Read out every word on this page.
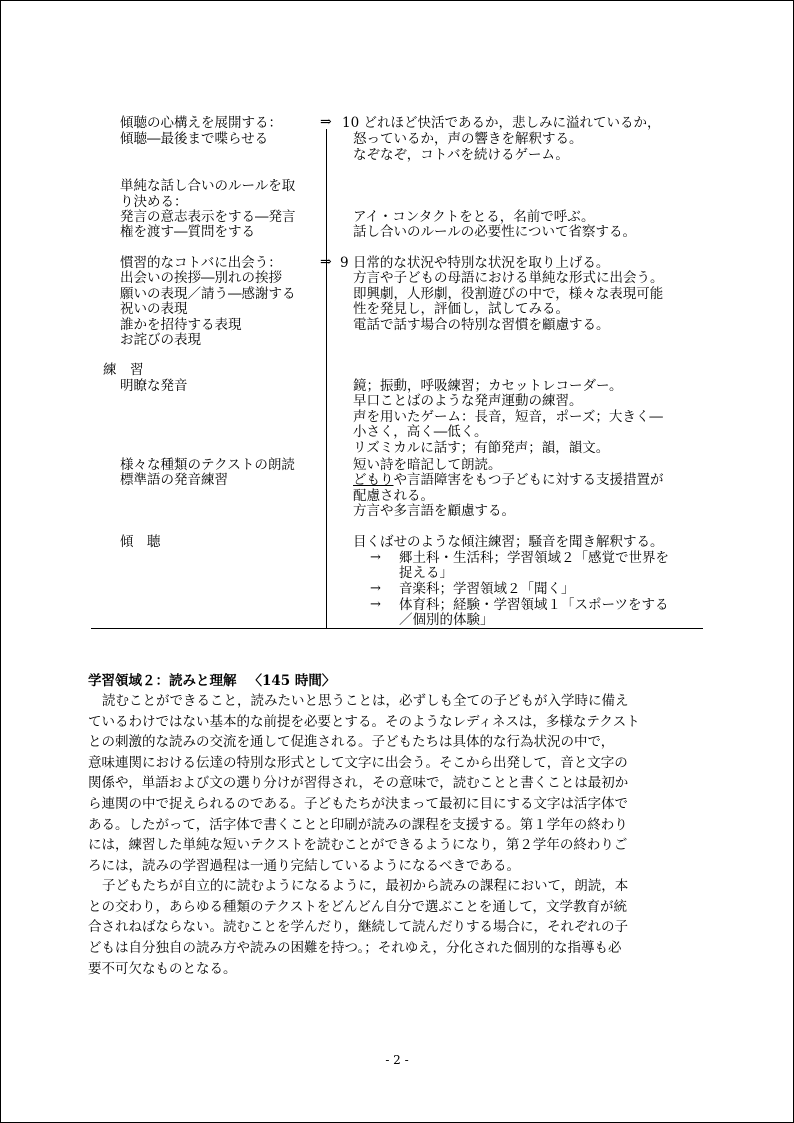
傾聴の心構えを展開する：
傾聴―最後まで喋らせる
⇒ 10 どれほど快活であるか，悲しみに溢れているか，
怒っているか，声の響きを解釈する。
なぞなぞ，コトバを続けるゲーム。
単純な話し合いのルールを取
り決める：
発言の意志表示をする―発言
権を渡す―質問をする
アイ・コンタクトをとる，名前で呼ぶ。
話し合いのルールの必要性について省察する。
慣習的なコトバに出会う：
出会いの挨拶―別れの挨拶
願いの表現／請う―感謝する
祝いの表現
誰かを招待する表現
お詫びの表現
⇒ 9 日常的な状況や特別な状況を取り上げる。
方言や子どもの母語における単純な形式に出会う。
即興劇，人形劇，役割遊びの中で，様々な表現可能
性を発見し，評価し，試してみる。
電話で話す場合の特別な習慣を顧慮する。
練　習
明瞭な発音	鏡；振動，呼吸練習；カセットレコーダー。
早口ことばのような発声運動の練習。
声を用いたゲーム：長音，短音，ポーズ；大きく―
小さく，高く―低く。
リズミカルに話す；有節発声；韻，韻文。
様々な種類のテクストの朗読
標準語の発音練習
短い詩を暗記して朗読。
どもりや言語障害をもつ子どもに対する支援措置が
配慮される。
方言や多言語を顧慮する。
傾　聴	目くばせのような傾注練習；騒音を聞き解釈する。
→ 郷土科・生活科；学習領域２「感覚で世界を
捉える」
→ 音楽科；学習領域２「聞く」
→ 体育科；経験・学習領域１「スポーツをする
／個別的体験」
学習領域２：読みと理解 〈145 時間〉
読むことができること，読みたいと思うことは，必ずしも全ての子どもが入学時に備え
ているわけではない基本的な前提を必要とする。そのようなレディネスは，多様なテクスト
との刺激的な読みの交流を通して促進される。子どもたちは具体的な行為状況の中で，
意味連関における伝達の特別な形式として文字に出会う。そこから出発して，音と文字の
関係や，単語および文の選り分けが習得され，その意味で，読むことと書くことは最初か
ら連関の中で捉えられるのである。子どもたちが決まって最初に目にする文字は活字体で
ある。したがって，活字体で書くことと印刷が読みの課程を支援する。第１学年の終わり
には，練習した単純な短いテクストを読むことができるようになり，第２学年の終わりご
ろには，読みの学習過程は一通り完結しているようになるべきである。
子どもたちが自立的に読むようになるように，最初から読みの課程において，朗読，本
との交わり，あらゆる種類のテクストをどんどん自分で選ぶことを通して，文学教育が統
合されねばならない。読むことを学んだり，継続して読んだりする場合に，それぞれの子
どもは自分独自の読み方や読みの困難を持つ。；それゆえ，分化された個別的な指導も必
要不可欠なものとなる。
- 2 -
